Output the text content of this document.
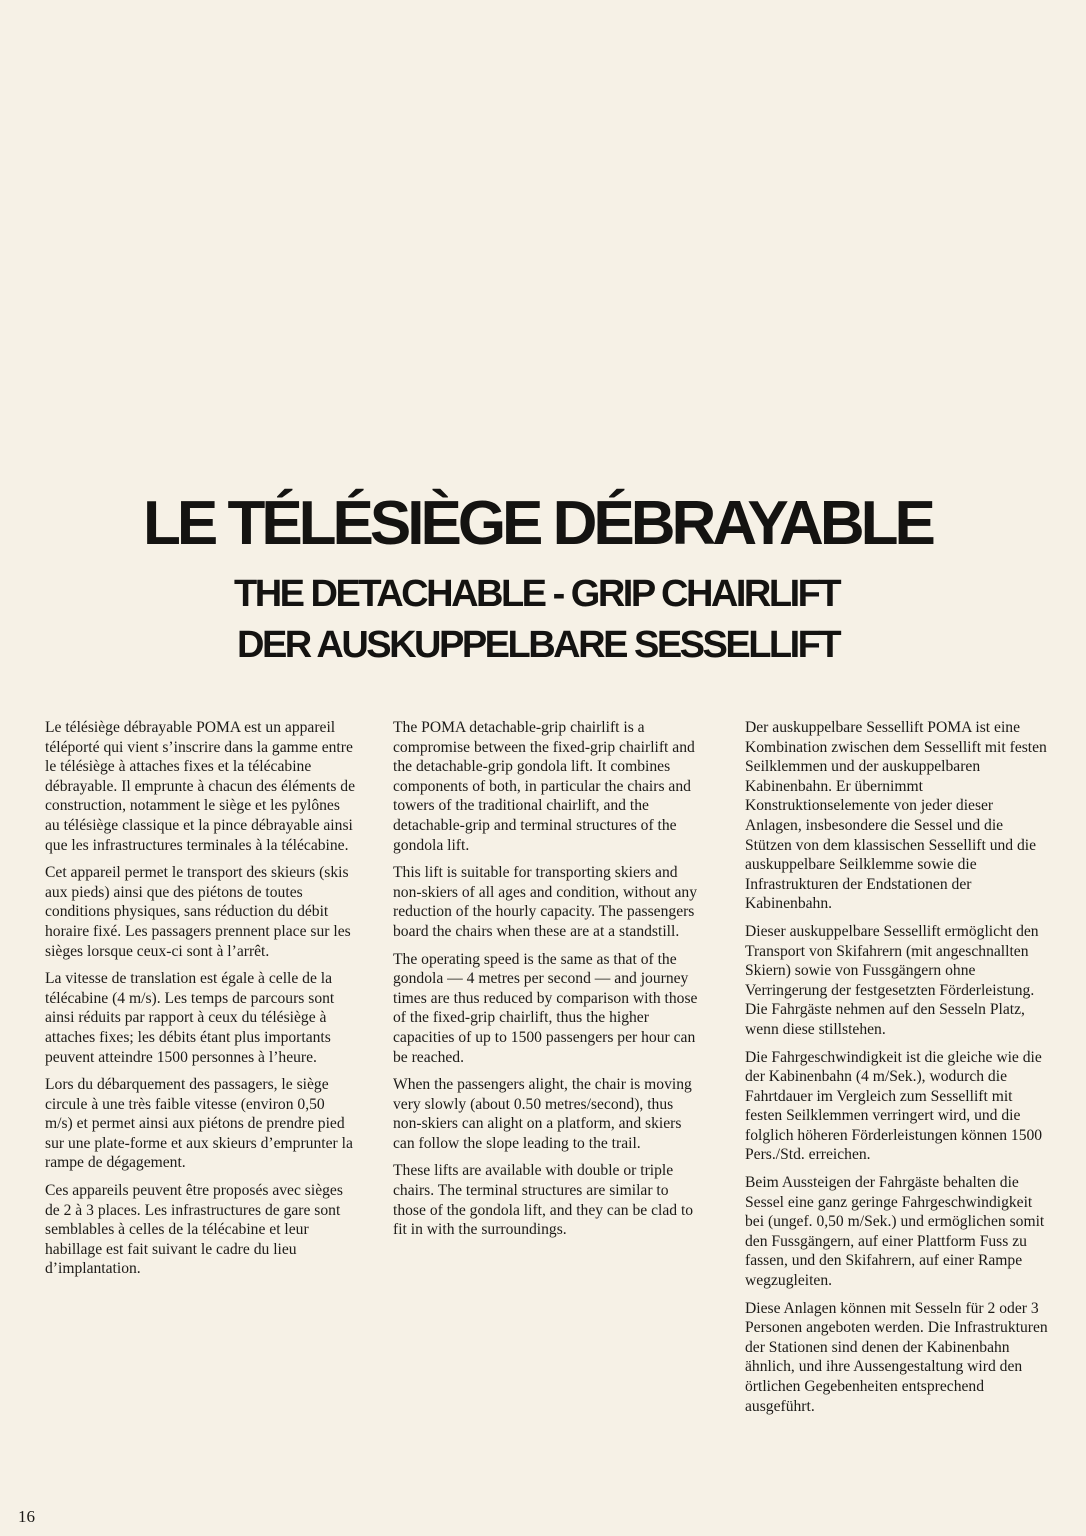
LE TÉLÉSIÈGE DÉBRAYABLE
THE DETACHABLE - GRIP CHAIRLIFT
DER AUSKUPPELBARE SESSELLIFT

Le télésiège débrayable POMA est un appareil téléporté qui vient s’inscrire dans la gamme entre le télésiège à attaches fixes et la télécabine débrayable. Il emprunte à chacun des éléments de construction, notamment le siège et les pylônes au télésiège classique et la pince débrayable ainsi que les infrastructures terminales à la télécabine.

Cet appareil permet le transport des skieurs (skis aux pieds) ainsi que des piétons de toutes conditions physiques, sans réduction du débit horaire fixé. Les passagers prennent place sur les sièges lorsque ceux-ci sont à l’arrêt.

La vitesse de translation est égale à celle de la télécabine (4 m/s). Les temps de parcours sont ainsi réduits par rapport à ceux du télésiège à attaches fixes; les débits étant plus importants peuvent atteindre 1500 personnes à l’heure.

Lors du débarquement des passagers, le siège circule à une très faible vitesse (environ 0,50 m/s) et permet ainsi aux piétons de prendre pied sur une plate-forme et aux skieurs d’emprunter la rampe de dégagement.

Ces appareils peuvent être proposés avec sièges de 2 à 3 places. Les infrastructures de gare sont semblables à celles de la télécabine et leur habillage est fait suivant le cadre du lieu d’implantation.

The POMA detachable-grip chairlift is a compromise between the fixed-grip chairlift and the detachable-grip gondola lift. It combines components of both, in particular the chairs and towers of the traditional chairlift, and the detachable-grip and terminal structures of the gondola lift.

This lift is suitable for transporting skiers and non-skiers of all ages and condition, without any reduction of the hourly capacity. The passengers board the chairs when these are at a standstill.

The operating speed is the same as that of the gondola — 4 metres per second — and journey times are thus reduced by comparison with those of the fixed-grip chairlift, thus the higher capacities of up to 1500 passengers per hour can be reached.

When the passengers alight, the chair is moving very slowly (about 0.50 metres/second), thus non-skiers can alight on a platform, and skiers can follow the slope leading to the trail.

These lifts are available with double or triple chairs. The terminal structures are similar to those of the gondola lift, and they can be clad to fit in with the surroundings.

Der auskuppelbare Sessellift POMA ist eine Kombination zwischen dem Sessellift mit festen Seilklemmen und der auskuppelbaren Kabinenbahn. Er übernimmt Konstruktionselemente von jeder dieser Anlagen, insbesondere die Sessel und die Stützen von dem klassischen Sessellift und die auskuppelbare Seilklemme sowie die Infrastrukturen der Endstationen der Kabinenbahn.

Dieser auskuppelbare Sessellift ermöglicht den Transport von Skifahrern (mit angeschnallten Skiern) sowie von Fussgängern ohne Verringerung der festgesetzten Förderleistung. Die Fahrgäste nehmen auf den Sesseln Platz, wenn diese stillstehen.

Die Fahrgeschwindigkeit ist die gleiche wie die der Kabinenbahn (4 m/Sek.), wodurch die Fahrtdauer im Vergleich zum Sessellift mit festen Seilklemmen verringert wird, und die folglich höheren Förderleistungen können 1500 Pers./Std. erreichen.

Beim Aussteigen der Fahrgäste behalten die Sessel eine ganz geringe Fahrgeschwindigkeit bei (ungef. 0,50 m/Sek.) und ermöglichen somit den Fussgängern, auf einer Plattform Fuss zu fassen, und den Skifahrern, auf einer Rampe wegzugleiten.

Diese Anlagen können mit Sesseln für 2 oder 3 Personen angeboten werden. Die Infrastrukturen der Stationen sind denen der Kabinenbahn ähnlich, und ihre Aussengestaltung wird den örtlichen Gegebenheiten entsprechend ausgeführt.

16
